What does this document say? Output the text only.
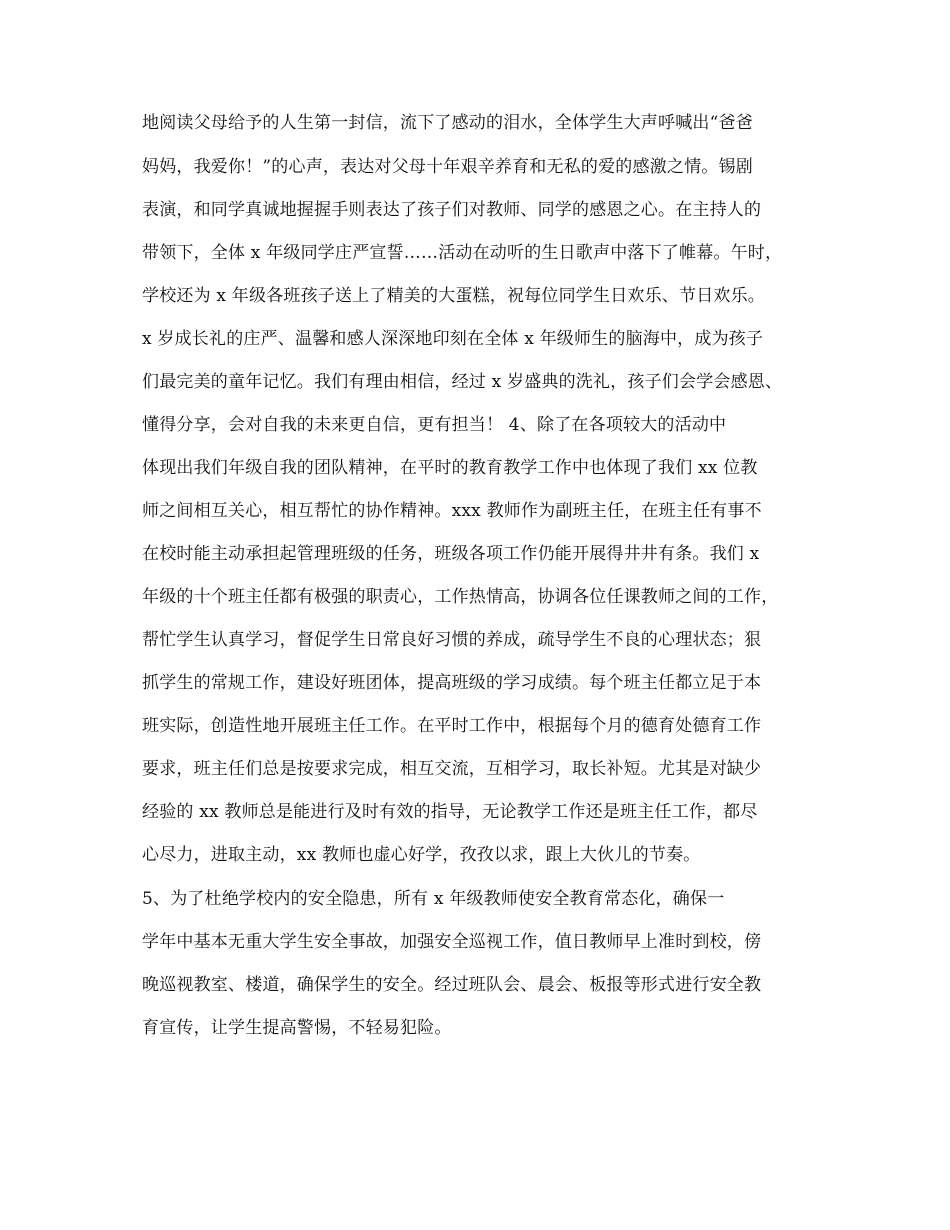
地阅读父母给予的人生第一封信，流下了感动的泪水，全体学生大声呼喊出“爸爸
妈妈，我爱你！”的心声，表达对父母十年艰辛养育和无私的爱的感激之情。锡剧
表演，和同学真诚地握握手则表达了孩子们对教师、同学的感恩之心。在主持人的
带领下，全体 x 年级同学庄严宣誓……活动在动听的生日歌声中落下了帷幕。午时，
学校还为 x 年级各班孩子送上了精美的大蛋糕，祝每位同学生日欢乐、节日欢乐。
x 岁成长礼的庄严、温馨和感人深深地印刻在全体 x 年级师生的脑海中，成为孩子
们最完美的童年记忆。我们有理由相信，经过 x 岁盛典的洗礼，孩子们会学会感恩、
懂得分享，会对自我的未来更自信，更有担当！ 4、除了在各项较大的活动中
体现出我们年级自我的团队精神，在平时的教育教学工作中也体现了我们 xx 位教
师之间相互关心，相互帮忙的协作精神。xxx 教师作为副班主任，在班主任有事不
在校时能主动承担起管理班级的任务，班级各项工作仍能开展得井井有条。我们 x
年级的十个班主任都有极强的职责心，工作热情高，协调各位任课教师之间的工作，
帮忙学生认真学习，督促学生日常良好习惯的养成，疏导学生不良的心理状态；狠
抓学生的常规工作，建设好班团体，提高班级的学习成绩。每个班主任都立足于本
班实际，创造性地开展班主任工作。在平时工作中，根据每个月的德育处德育工作
要求，班主任们总是按要求完成，相互交流，互相学习，取长补短。尤其是对缺少
经验的 xx 教师总是能进行及时有效的指导，无论教学工作还是班主任工作，都尽
心尽力，进取主动，xx 教师也虚心好学，孜孜以求，跟上大伙儿的节奏。
5、为了杜绝学校内的安全隐患，所有 x 年级教师使安全教育常态化，确保一
学年中基本无重大学生安全事故，加强安全巡视工作，值日教师早上准时到校，傍
晚巡视教室、楼道，确保学生的安全。经过班队会、晨会、板报等形式进行安全教
育宣传，让学生提高警惕，不轻易犯险。
